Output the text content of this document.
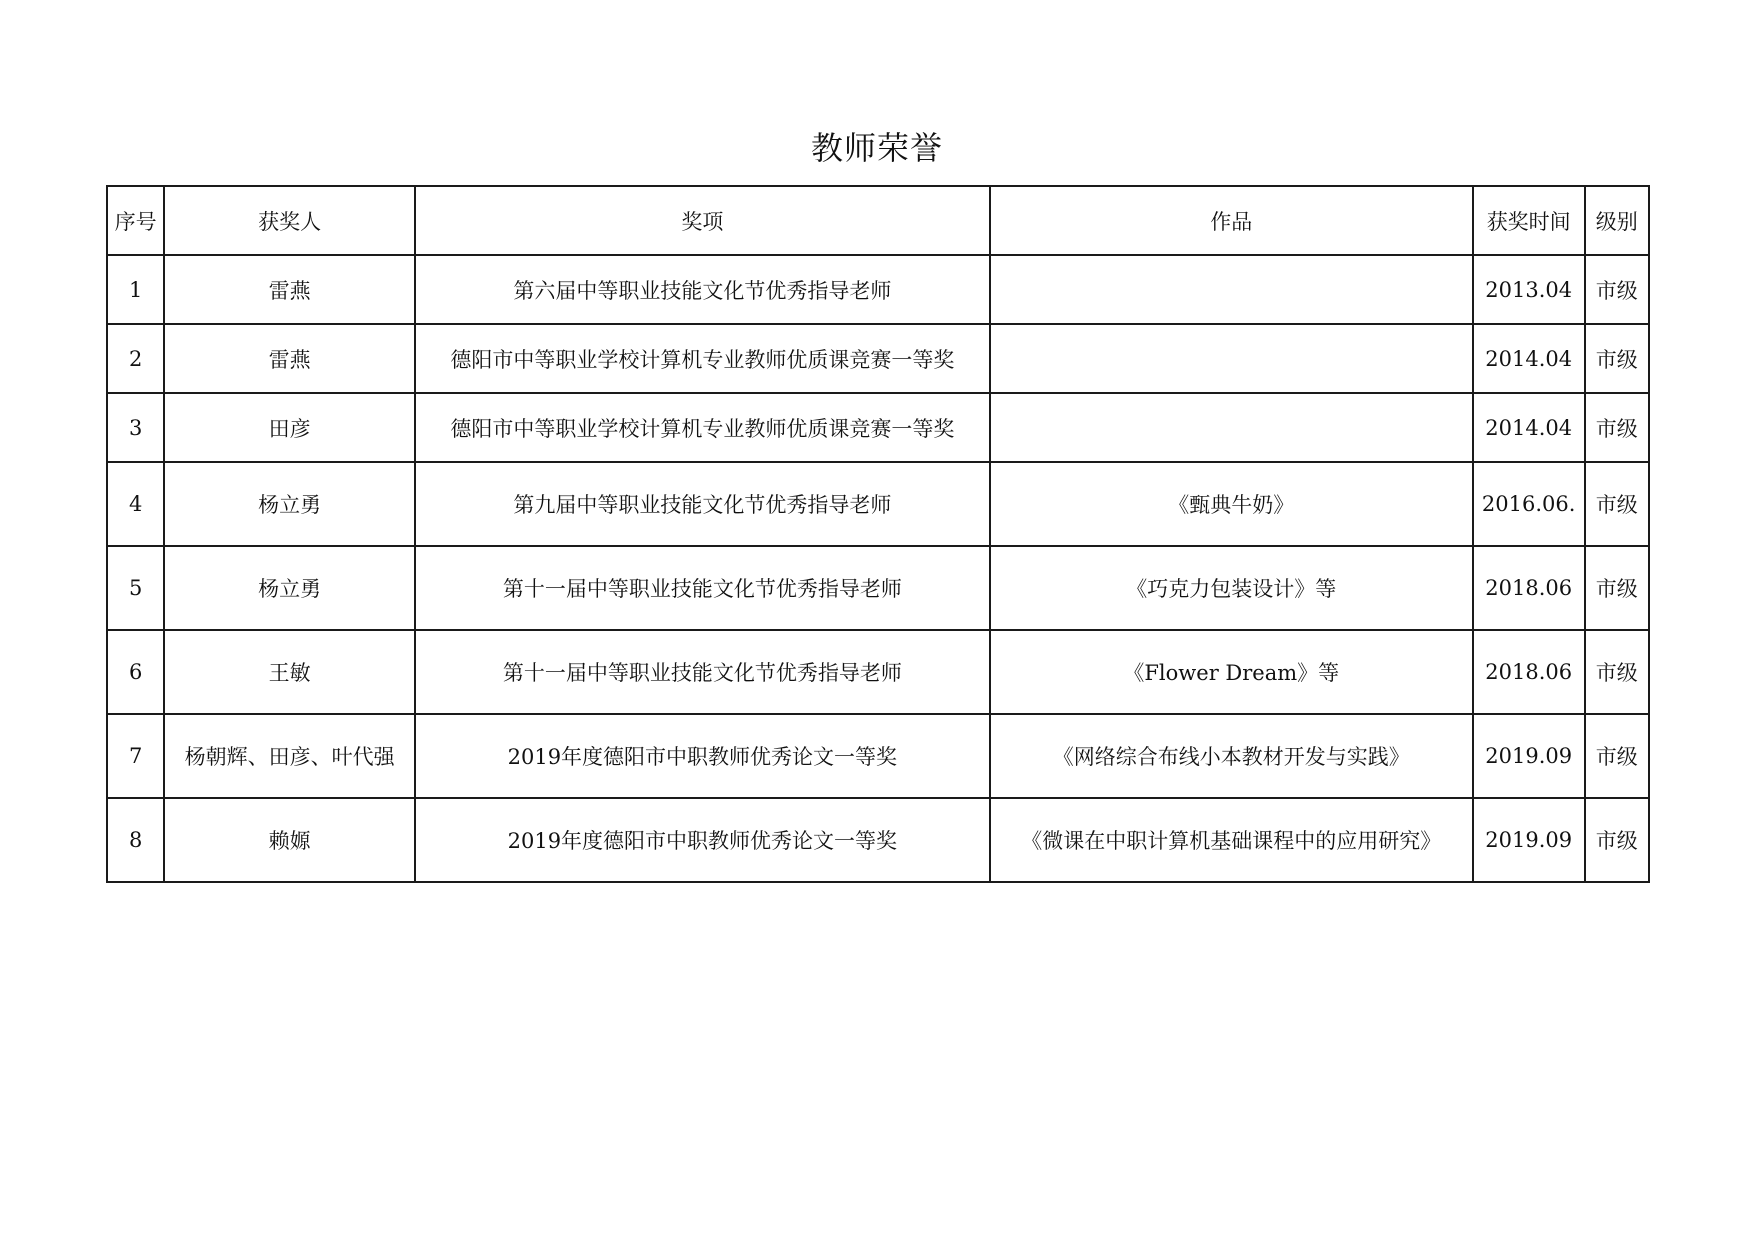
教师荣誉
序号	获奖人	奖项	作品	获奖时间	级别
1	雷燕	第六届中等职业技能文化节优秀指导老师		2013.04	市级
2	雷燕	德阳市中等职业学校计算机专业教师优质课竞赛一等奖		2014.04	市级
3	田彦	德阳市中等职业学校计算机专业教师优质课竞赛一等奖		2014.04	市级
4	杨立勇	第九届中等职业技能文化节优秀指导老师	《甄典牛奶》	2016.06.	市级
5	杨立勇	第十一届中等职业技能文化节优秀指导老师	《巧克力包装设计》等	2018.06	市级
6	王敏	第十一届中等职业技能文化节优秀指导老师	《Flower Dream》等	2018.06	市级
7	杨朝辉、田彦、叶代强	2019年度德阳市中职教师优秀论文一等奖	《网络综合布线小本教材开发与实践》	2019.09	市级
8	赖嫄	2019年度德阳市中职教师优秀论文一等奖	《微课在中职计算机基础课程中的应用研究》	2019.09	市级
